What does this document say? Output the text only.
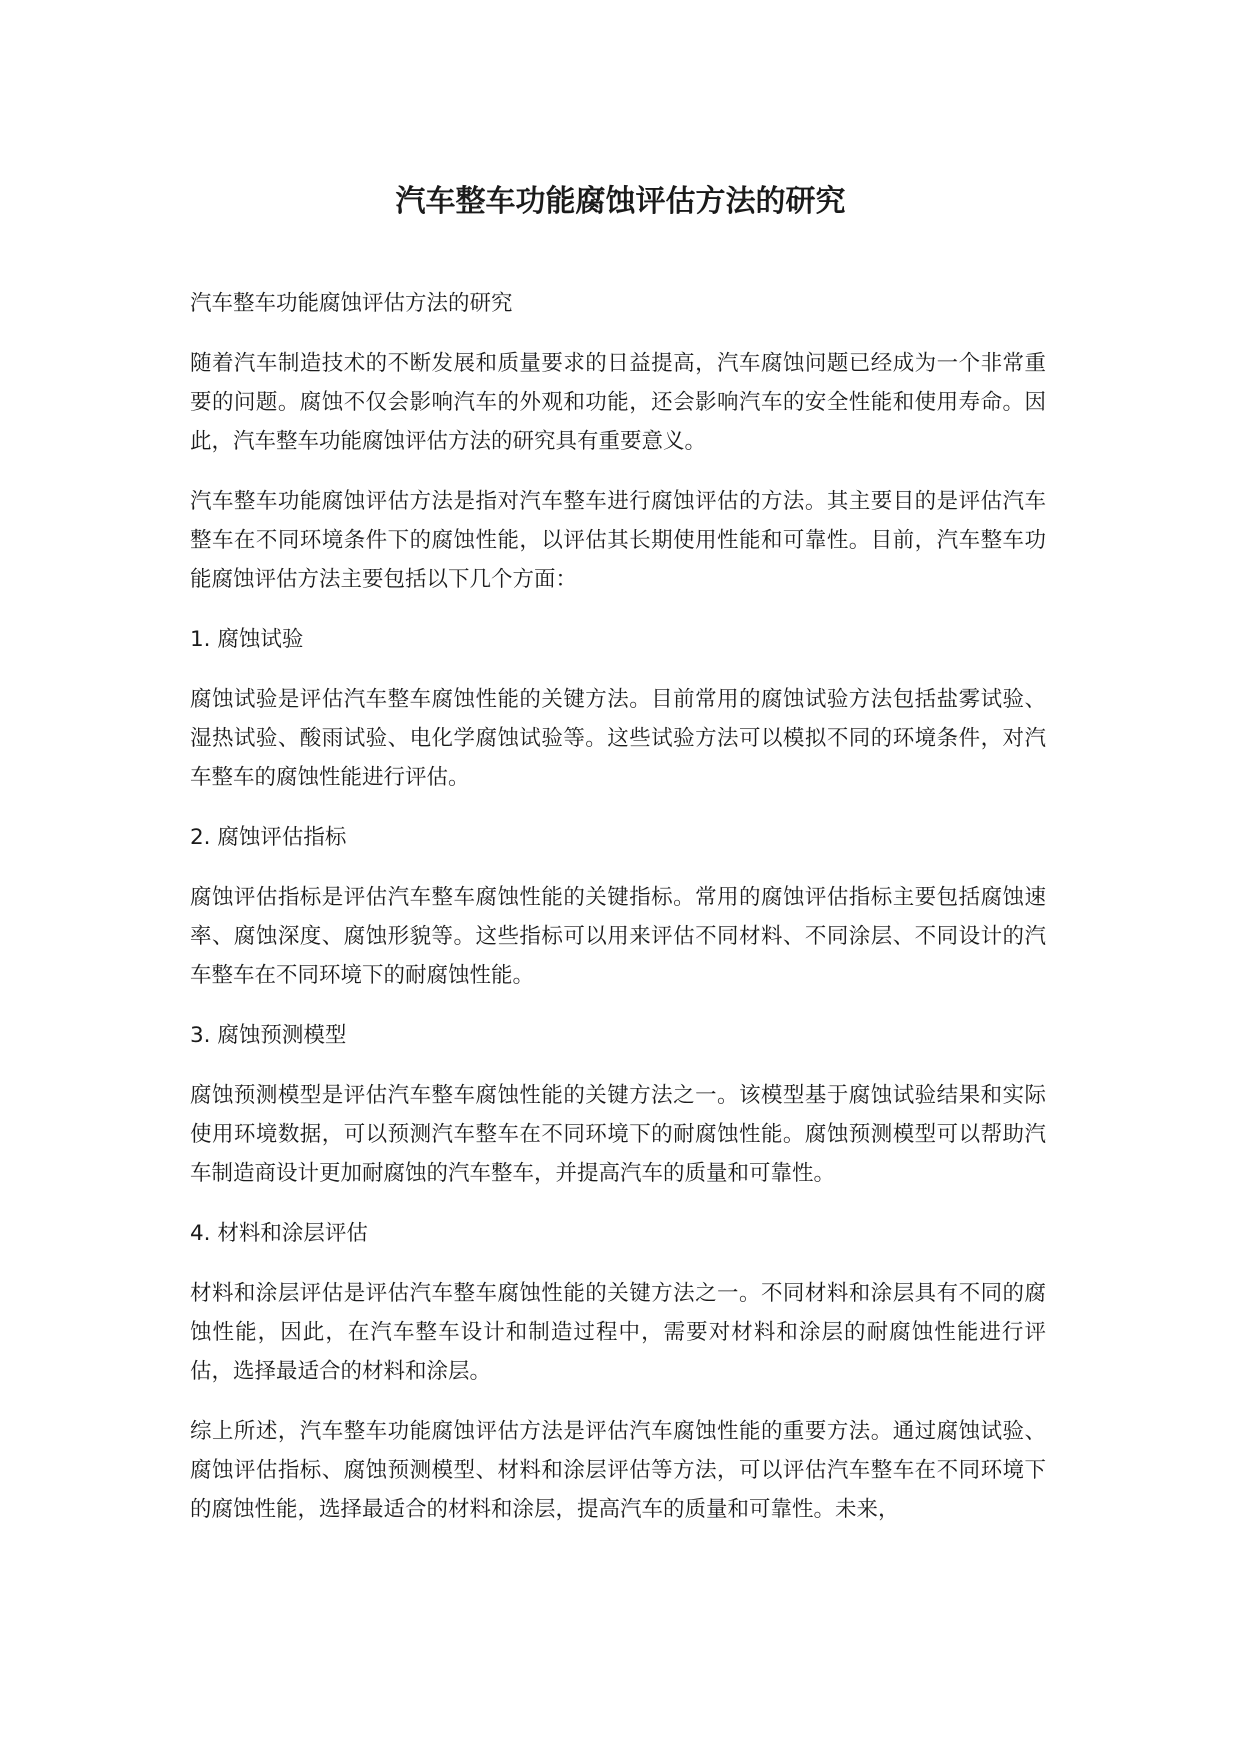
汽车整车功能腐蚀评估方法的研究

汽车整车功能腐蚀评估方法的研究

随着汽车制造技术的不断发展和质量要求的日益提高，汽车腐蚀问题已经成为一个非常重要的问题。腐蚀不仅会影响汽车的外观和功能，还会影响汽车的安全性能和使用寿命。因此，汽车整车功能腐蚀评估方法的研究具有重要意义。

汽车整车功能腐蚀评估方法是指对汽车整车进行腐蚀评估的方法。其主要目的是评估汽车整车在不同环境条件下的腐蚀性能，以评估其长期使用性能和可靠性。目前，汽车整车功能腐蚀评估方法主要包括以下几个方面：

1. 腐蚀试验

腐蚀试验是评估汽车整车腐蚀性能的关键方法。目前常用的腐蚀试验方法包括盐雾试验、湿热试验、酸雨试验、电化学腐蚀试验等。这些试验方法可以模拟不同的环境条件，对汽车整车的腐蚀性能进行评估。

2. 腐蚀评估指标

腐蚀评估指标是评估汽车整车腐蚀性能的关键指标。常用的腐蚀评估指标主要包括腐蚀速率、腐蚀深度、腐蚀形貌等。这些指标可以用来评估不同材料、不同涂层、不同设计的汽车整车在不同环境下的耐腐蚀性能。

3. 腐蚀预测模型

腐蚀预测模型是评估汽车整车腐蚀性能的关键方法之一。该模型基于腐蚀试验结果和实际使用环境数据，可以预测汽车整车在不同环境下的耐腐蚀性能。腐蚀预测模型可以帮助汽车制造商设计更加耐腐蚀的汽车整车，并提高汽车的质量和可靠性。

4. 材料和涂层评估

材料和涂层评估是评估汽车整车腐蚀性能的关键方法之一。不同材料和涂层具有不同的腐蚀性能，因此，在汽车整车设计和制造过程中，需要对材料和涂层的耐腐蚀性能进行评估，选择最适合的材料和涂层。

综上所述，汽车整车功能腐蚀评估方法是评估汽车腐蚀性能的重要方法。通过腐蚀试验、腐蚀评估指标、腐蚀预测模型、材料和涂层评估等方法，可以评估汽车整车在不同环境下的腐蚀性能，选择最适合的材料和涂层，提高汽车的质量和可靠性。未来，
